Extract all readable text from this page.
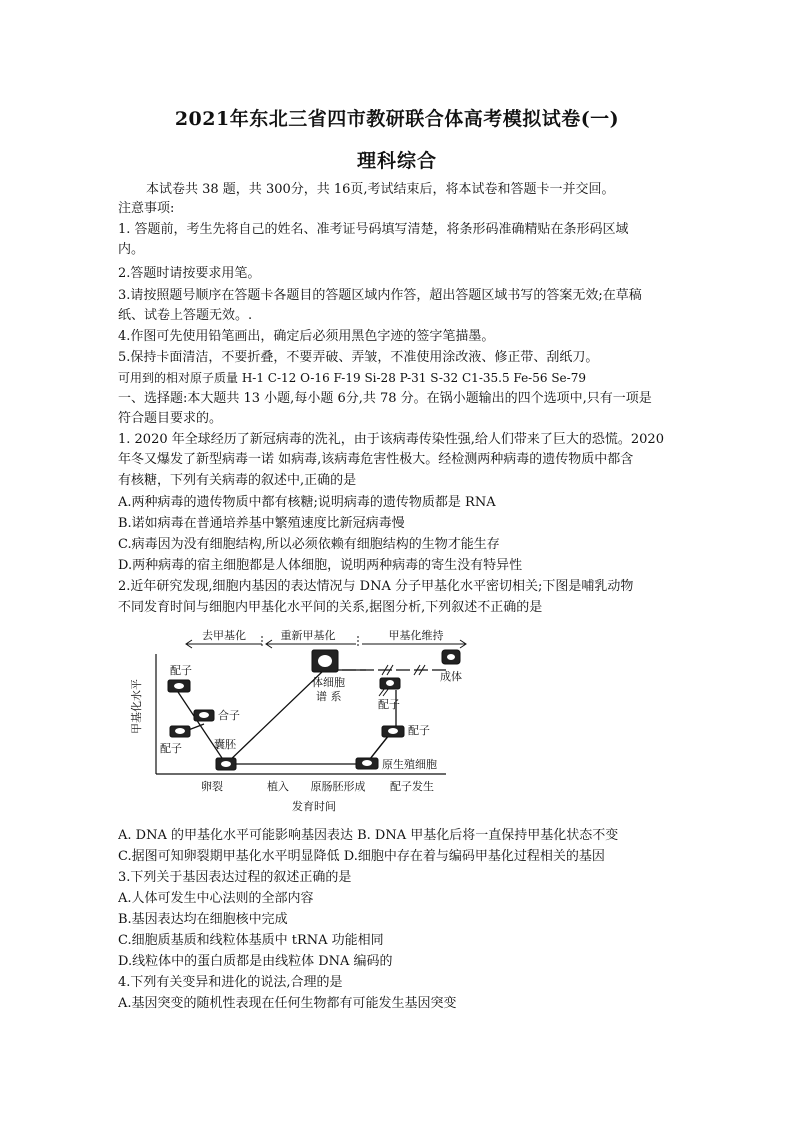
2021年东北三省四市教研联合体高考模拟试卷(一)
理科综合
本试卷共 38 题，共 300分，共 16页,考试结束后，将本试卷和答题卡一并交回。
注意事项:
1. 答题前，考生先将自己的姓名、准考证号码填写清楚，将条形码准确精贴在条形码区域
内。
2.答题时请按要求用笔。
3.请按照题号顺序在答题卡各题目的答题区域内作答，超出答题区域书写的答案无效;在草稿
纸、试卷上答题无效。.
4.作图可先使用铅笔画出，确定后必须用黑色字迹的签字笔描墨。
5.保持卡面清洁，不要折叠，不要弄破、弄皱，不准使用涂改液、修正带、刮纸刀。
可用到的相对原子质量 H-1 C-12 O-16 F-19 Si-28 P-31 S-32 C1-35.5 Fe-56 Se-79
一、选择题:本大题共 13 小题,每小题 6分,共 78 分。在锅小题输出的四个选项中,只有一项是
符合题目要求的。
1. 2020 年全球经历了新冠病毒的洗礼，由于该病毒传染性强,给人们带来了巨大的恐慌。2020
年冬又爆发了新型病毒一诺 如病毒,该病毒危害性极大。经检测两种病毒的遗传物质中都含
有核糖，下列有关病毒的叙述中,正确的是
A.两种病毒的遗传物质中都有核糖;说明病毒的遗传物质都是 RNA
B.诺如病毒在普通培养基中繁殖速度比新冠病毒慢
C.病毒因为没有细胞结构,所以必须依赖有细胞结构的生物才能生存
D.两种病毒的宿主细胞都是人体细胞，说明两种病毒的寄生没有特异性
2.近年研究发现,细胞内基因的表达情况与 DNA 分子甲基化水平密切相关;下图是哺乳动物
不同发育时间与细胞内甲基化水平间的关系,据图分析,下列叙述不正确的是
去甲基化	重新甲基化	甲基化维持
甲基化水平
配子
合子
配子	囊胚
体细胞
谱 系
成体
配子
配子
原生殖细胞
卵裂	植入 原肠胚形成 配子发生
发育时间
A. DNA 的甲基化水平可能影响基因表达 B. DNA 甲基化后将一直保持甲基化状态不变
C.据图可知卵裂期甲基化水平明显降低 D.细胞中存在着与编码甲基化过程相关的基因
3.下列关于基因表达过程的叙述正确的是
A.人体可发生中心法则的全部内容
B.基因表达均在细胞核中完成
C.细胞质基质和线粒体基质中 tRNA 功能相同
D.线粒体中的蛋白质都是由线粒体 DNA 编码的
4.下列有关变异和进化的说法,合理的是
A.基因突变的随机性表现在任何生物都有可能发生基因突变
